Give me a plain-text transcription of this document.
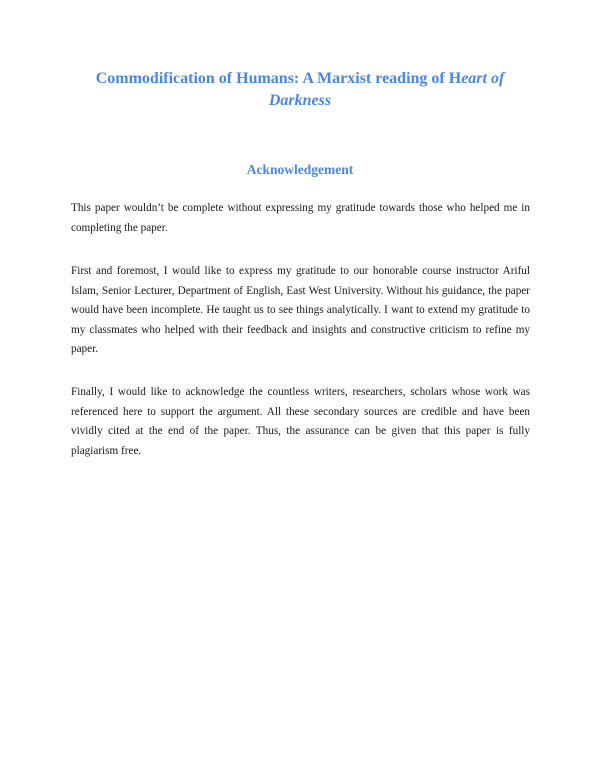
Commodification of Humans: A Marxist reading of Heart of
Darkness
Acknowledgement

This paper wouldn’t be complete without expressing my gratitude towards those who helped me in completing the paper.

First and foremost, I would like to express my gratitude to our honorable course instructor Ariful Islam, Senior Lecturer, Department of English, East West University. Without his guidance, the paper would have been incomplete. He taught us to see things analytically. I want to extend my gratitude to my classmates who helped with their feedback and insights and constructive criticism to refine my paper.

Finally, I would like to acknowledge the countless writers, researchers, scholars whose work was referenced here to support the argument. All these secondary sources are credible and have been vividly cited at the end of the paper. Thus, the assurance can be given that this paper is fully plagiarism free.
